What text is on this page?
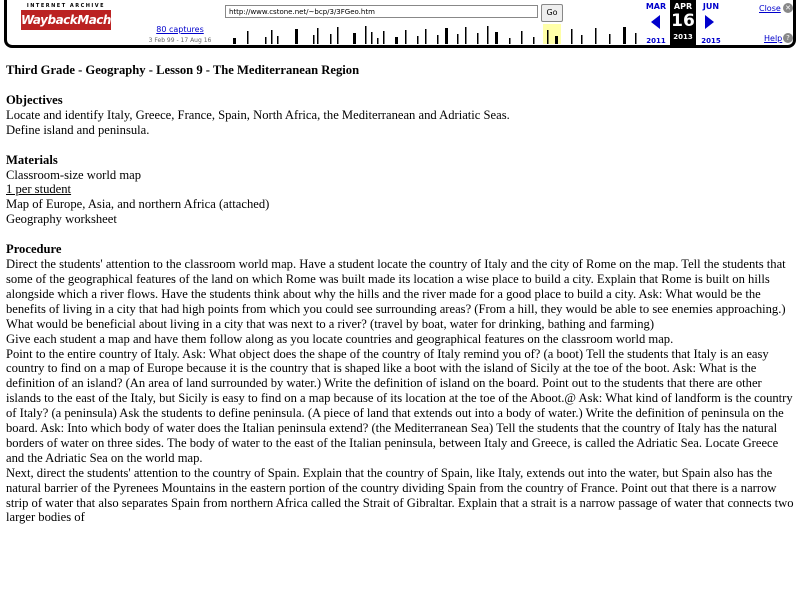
INTERNET ARCHIVE
WaybackMachine
80 captures
3 Feb 99 - 17 Aug 16
http://www.cstone.net/~bcp/3/3FGeo.htm	Go
MAR
2011
APR
16
2013
JUN
2015
Close ✕
Help ?
Third Grade - Geography - Lesson 9 - The Mediterranean Region
Objectives

Locate and identify Italy, Greece, France, Spain, North Africa, the Mediterranean and Adriatic Seas.

Define island and peninsula.

Materials

Classroom-size world map

1 per student

Map of Europe, Asia, and northern Africa (attached)

Geography worksheet

Procedure

Direct the students' attention to the classroom world map. Have a student locate the country of Italy and the city of Rome on the map. Tell the students that some of the geographical features of the land on which Rome was built made its location a wise place to build a city. Explain that Rome is built on hills alongside which a river flows. Have the students think about why the hills and the river made for a good place to build a city. Ask: What would be the benefits of living in a city that had high points from which you could see surrounding areas? (From a hill, they would be able to see enemies approaching.) What would be beneficial about living in a city that was next to a river? (travel by boat, water for drinking, bathing and farming)

Give each student a map and have them follow along as you locate countries and geographical features on the classroom world map.

Point to the entire country of Italy. Ask: What object does the shape of the country of Italy remind you of? (a boot) Tell the students that Italy is an easy country to find on a map of Europe because it is the country that is shaped like a boot with the island of Sicily at the toe of the boot. Ask: What is the definition of an island? (An area of land surrounded by water.) Write the definition of island on the board. Point out to the students that there are other islands to the east of the Italy, but Sicily is easy to find on a map because of its location at the toe of the Aboot.@ Ask: What kind of landform is the country of Italy? (a peninsula) Ask the students to define peninsula. (A piece of land that extends out into a body of water.) Write the definition of peninsula on the board. Ask: Into which body of water does the Italian peninsula extend? (the Mediterranean Sea) Tell the students that the country of Italy has the natural borders of water on three sides. The body of water to the east of the Italian peninsula, between Italy and Greece, is called the Adriatic Sea. Locate Greece and the Adriatic Sea on the world map.

Next, direct the students' attention to the country of Spain. Explain that the country of Spain, like Italy, extends out into the water, but Spain also has the natural barrier of the Pyrenees Mountains in the eastern portion of the country dividing Spain from the country of France. Point out that there is a narrow strip of water that also separates Spain from northern Africa called the Strait of Gibraltar. Explain that a strait is a narrow passage of water that connects two larger bodies of
